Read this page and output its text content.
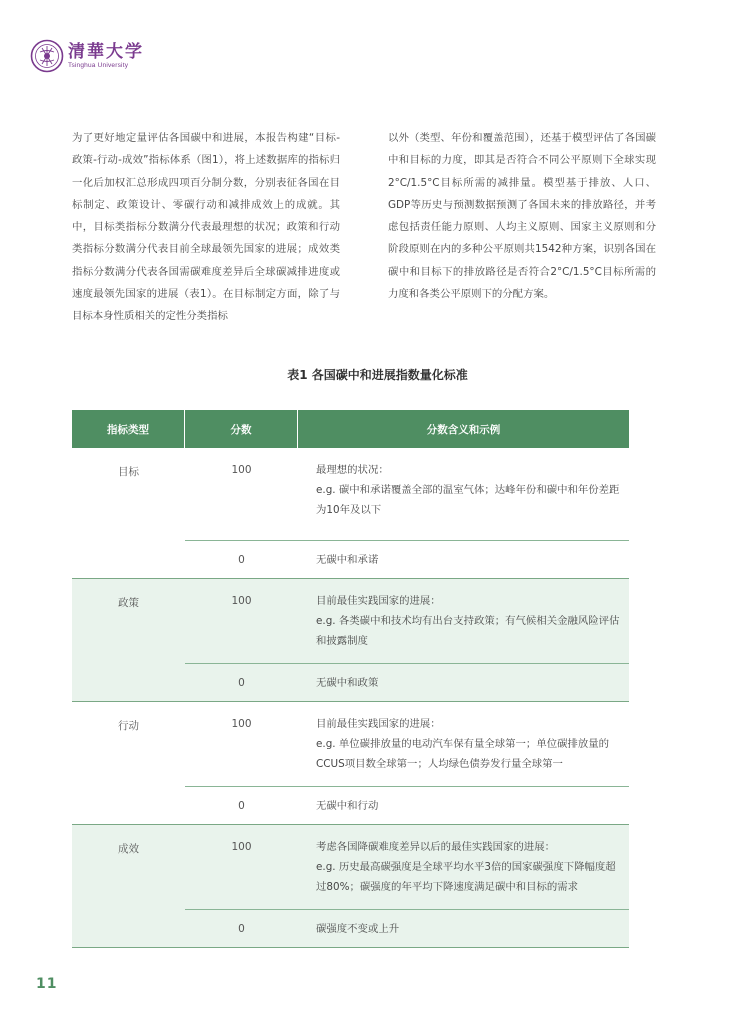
清華大学
Tsinghua University

为了更好地定量评估各国碳中和进展，本报告构建“目标-政策-行动-成效”指标体系（图1），将上述数据库的指标归一化后加权汇总形成四项百分制分数，分别表征各国在目标制定、政策设计、零碳行动和减排成效上的成就。其中，目标类指标分数满分代表最理想的状况；政策和行动类指标分数满分代表目前全球最领先国家的进展；成效类指标分数满分代表各国需碳难度差异后全球碳减排进度或速度最领先国家的进展（表1）。在目标制定方面，除了与目标本身性质相关的定性分类指标

以外（类型、年份和覆盖范围），还基于模型评估了各国碳中和目标的力度，即其是否符合不同公平原则下全球实现2°C/1.5°C目标所需的减排量。模型基于排放、人口、GDP等历史与预测数据预测了各国未来的排放路径，并考虑包括责任能力原则、人均主义原则、国家主义原则和分阶段原则在内的多种公平原则共1542种方案，识别各国在碳中和目标下的排放路径是否符合2°C/1.5°C目标所需的力度和各类公平原则下的分配方案。

表1 各国碳中和进展指数量化标准
指标类型	分数	分数含义和示例
目标	100	最理想的状况：
e.g. 碳中和承诺覆盖全部的温室气体；达峰年份和碳中和年份差距为10年及以下
0	无碳中和承诺
政策	100	目前最佳实践国家的进展：
e.g. 各类碳中和技术均有出台支持政策；有气候相关金融风险评估和披露制度
0	无碳中和政策
行动	100	目前最佳实践国家的进展：
e.g. 单位碳排放量的电动汽车保有量全球第一；单位碳排放量的CCUS项目数全球第一；人均绿色债券发行量全球第一
0	无碳中和行动
成效	100	考虑各国降碳难度差异以后的最佳实践国家的进展：
e.g. 历史最高碳强度是全球平均水平3倍的国家碳强度下降幅度超过80%；碳强度的年平均下降速度满足碳中和目标的需求
0	碳强度不变或上升
11
